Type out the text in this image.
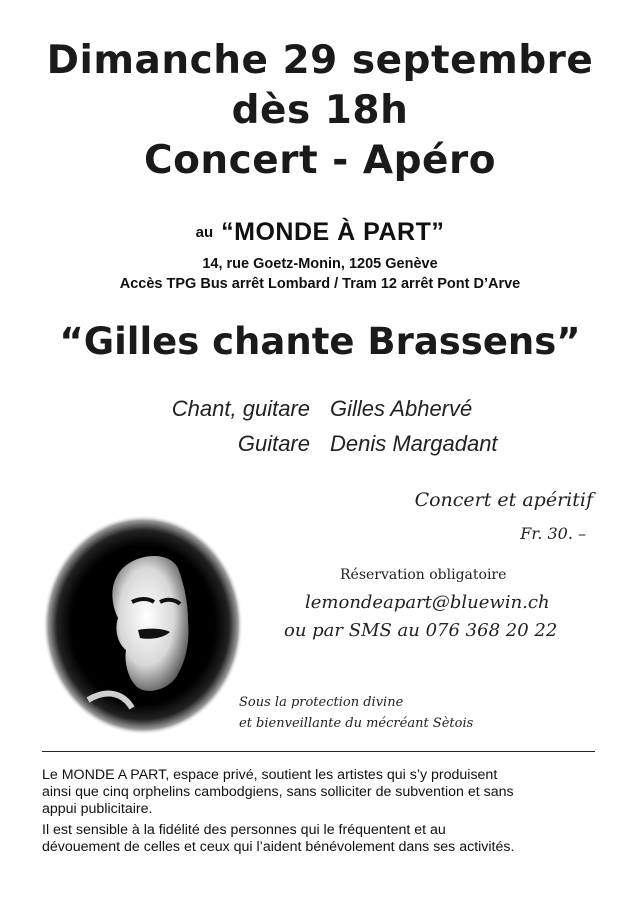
Dimanche 29 septembre
dès 18h
Concert - Apéro
au “MONDE À PART”
14, rue Goetz-Monin, 1205 Genève
Accès TPG Bus arrêt Lombard / Tram 12 arrêt Pont D’Arve
“Gilles chante Brassens”
Chant, guitare Gilles Abhervé
Guitare Denis Margadant
Concert et apéritif
Fr. 30. –
Réservation obligatoire
lemondeapart@bluewin.ch
ou par SMS au 076 368 20 22
Sous la protection divine
et bienveillante du mécréant Sètois
Le MONDE A PART, espace privé, soutient les artistes qui s’y produisent
ainsi que cinq orphelins cambodgiens, sans solliciter de subvention et sans
appui publicitaire.
Il est sensible à la fidélité des personnes qui le fréquentent et au
dévouement de celles et ceux qui l’aident bénévolement dans ses activités.
